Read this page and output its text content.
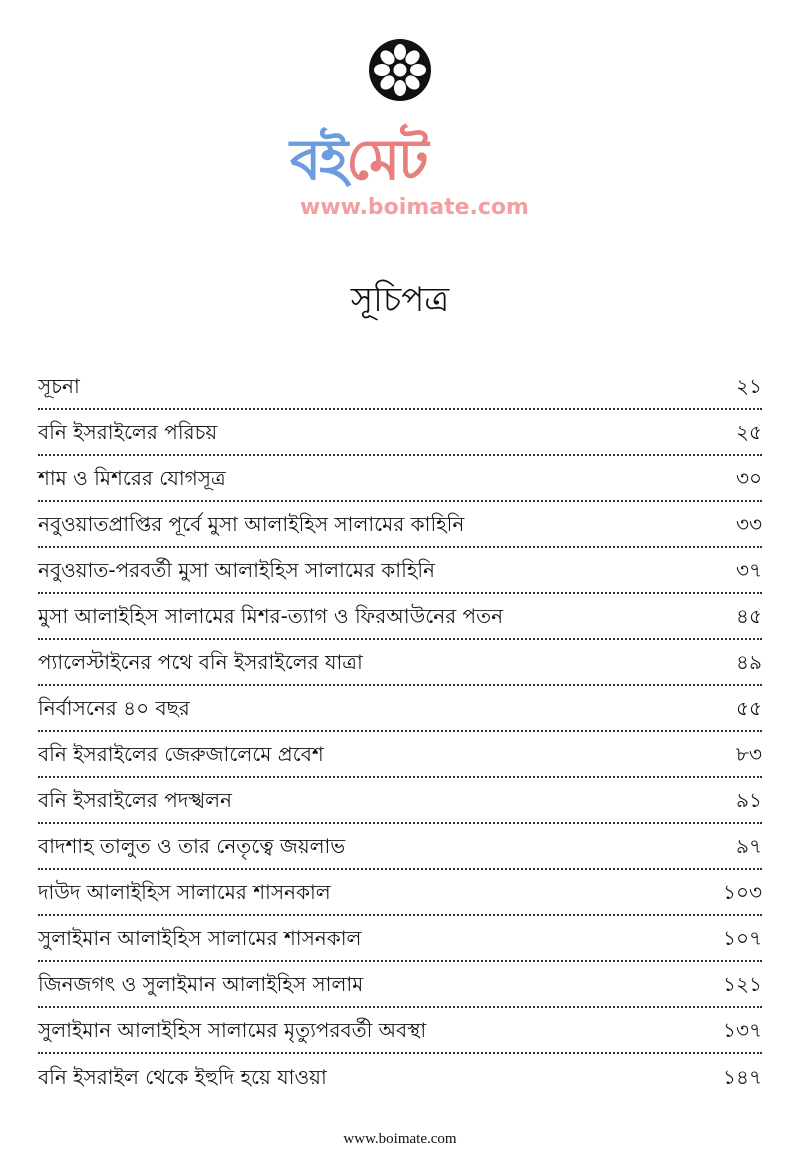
বইমেট
www.boimate.com
সূচিপত্র
সূচনা	২১
বনি ইসরাইলের পরিচয়	২৫
শাম ও মিশরের যোগসূত্র	৩০
নবুওয়াতপ্রাপ্তির পূর্বে মুসা আলাইহিস সালামের কাহিনি	৩৩
নবুওয়াত-পরবর্তী মুসা আলাইহিস সালামের কাহিনি	৩৭
মুসা আলাইহিস সালামের মিশর-ত্যাগ ও ফিরআউনের পতন	৪৫
প্যালেস্টাইনের পথে বনি ইসরাইলের যাত্রা	৪৯
নির্বাসনের ৪০ বছর	৫৫
বনি ইসরাইলের জেরুজালেমে প্রবেশ	৮৩
বনি ইসরাইলের পদস্খলন	৯১
বাদশাহ তালুত ও তার নেতৃত্বে জয়লাভ	৯৭
দাউদ আলাইহিস সালামের শাসনকাল	১০৩
সুলাইমান আলাইহিস সালামের শাসনকাল	১০৭
জিনজগৎ ও সুলাইমান আলাইহিস সালাম	১২১
সুলাইমান আলাইহিস সালামের মৃত্যুপরবর্তী অবস্থা	১৩৭
বনি ইসরাইল থেকে ইহুদি হয়ে যাওয়া	১৪৭
www.boimate.com
